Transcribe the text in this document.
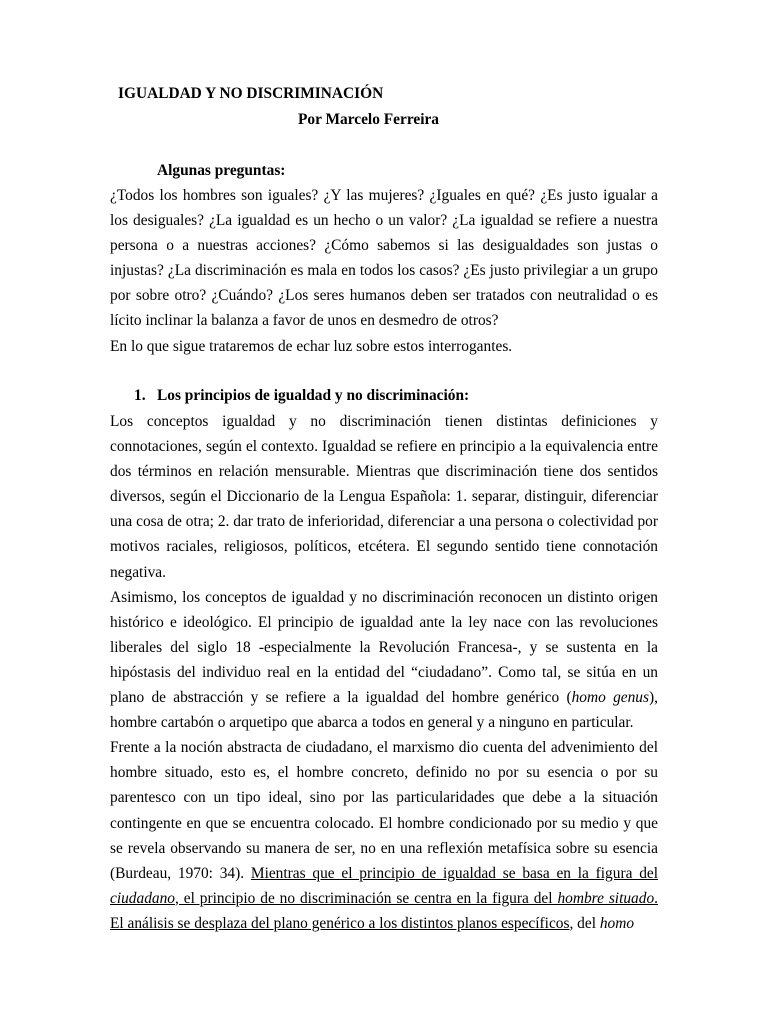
IGUALDAD Y NO DISCRIMINACIÓN
Por Marcelo Ferreira
Algunas preguntas:

¿Todos los hombres son iguales? ¿Y las mujeres? ¿Iguales en qué? ¿Es justo igualar a los desiguales? ¿La igualdad es un hecho o un valor? ¿La igualdad se refiere a nuestra persona o a nuestras acciones? ¿Cómo sabemos si las desigualdades son justas o injustas? ¿La discriminación es mala en todos los casos? ¿Es justo privilegiar a un grupo por sobre otro? ¿Cuándo? ¿Los seres humanos deben ser tratados con neutralidad o es lícito inclinar la balanza a favor de unos en desmedro de otros?

En lo que sigue trataremos de echar luz sobre estos interrogantes.

1. Los principios de igualdad y no discriminación:

Los conceptos igualdad y no discriminación tienen distintas definiciones y connotaciones, según el contexto. Igualdad se refiere en principio a la equivalencia entre dos términos en relación mensurable. Mientras que discriminación tiene dos sentidos diversos, según el Diccionario de la Lengua Española: 1. separar, distinguir, diferenciar una cosa de otra; 2. dar trato de inferioridad, diferenciar a una persona o colectividad por motivos raciales, religiosos, políticos, etcétera. El segundo sentido tiene connotación negativa.

Asimismo, los conceptos de igualdad y no discriminación reconocen un distinto origen histórico e ideológico. El principio de igualdad ante la ley nace con las revoluciones liberales del siglo 18 -especialmente la Revolución Francesa-, y se sustenta en la hipóstasis del individuo real en la entidad del “ciudadano”. Como tal, se sitúa en un plano de abstracción y se refiere a la igualdad del hombre genérico (homo genus), hombre cartabón o arquetipo que abarca a todos en general y a ninguno en particular.

Frente a la noción abstracta de ciudadano, el marxismo dio cuenta del advenimiento del hombre situado, esto es, el hombre concreto, definido no por su esencia o por su parentesco con un tipo ideal, sino por las particularidades que debe a la situación contingente en que se encuentra colocado. El hombre condicionado por su medio y que se revela observando su manera de ser, no en una reflexión metafísica sobre su esencia (Burdeau, 1970: 34). Mientras que el principio de igualdad se basa en la figura del ciudadano, el principio de no discriminación se centra en la figura del hombre situado. El análisis se desplaza del plano genérico a los distintos planos específicos, del homo
